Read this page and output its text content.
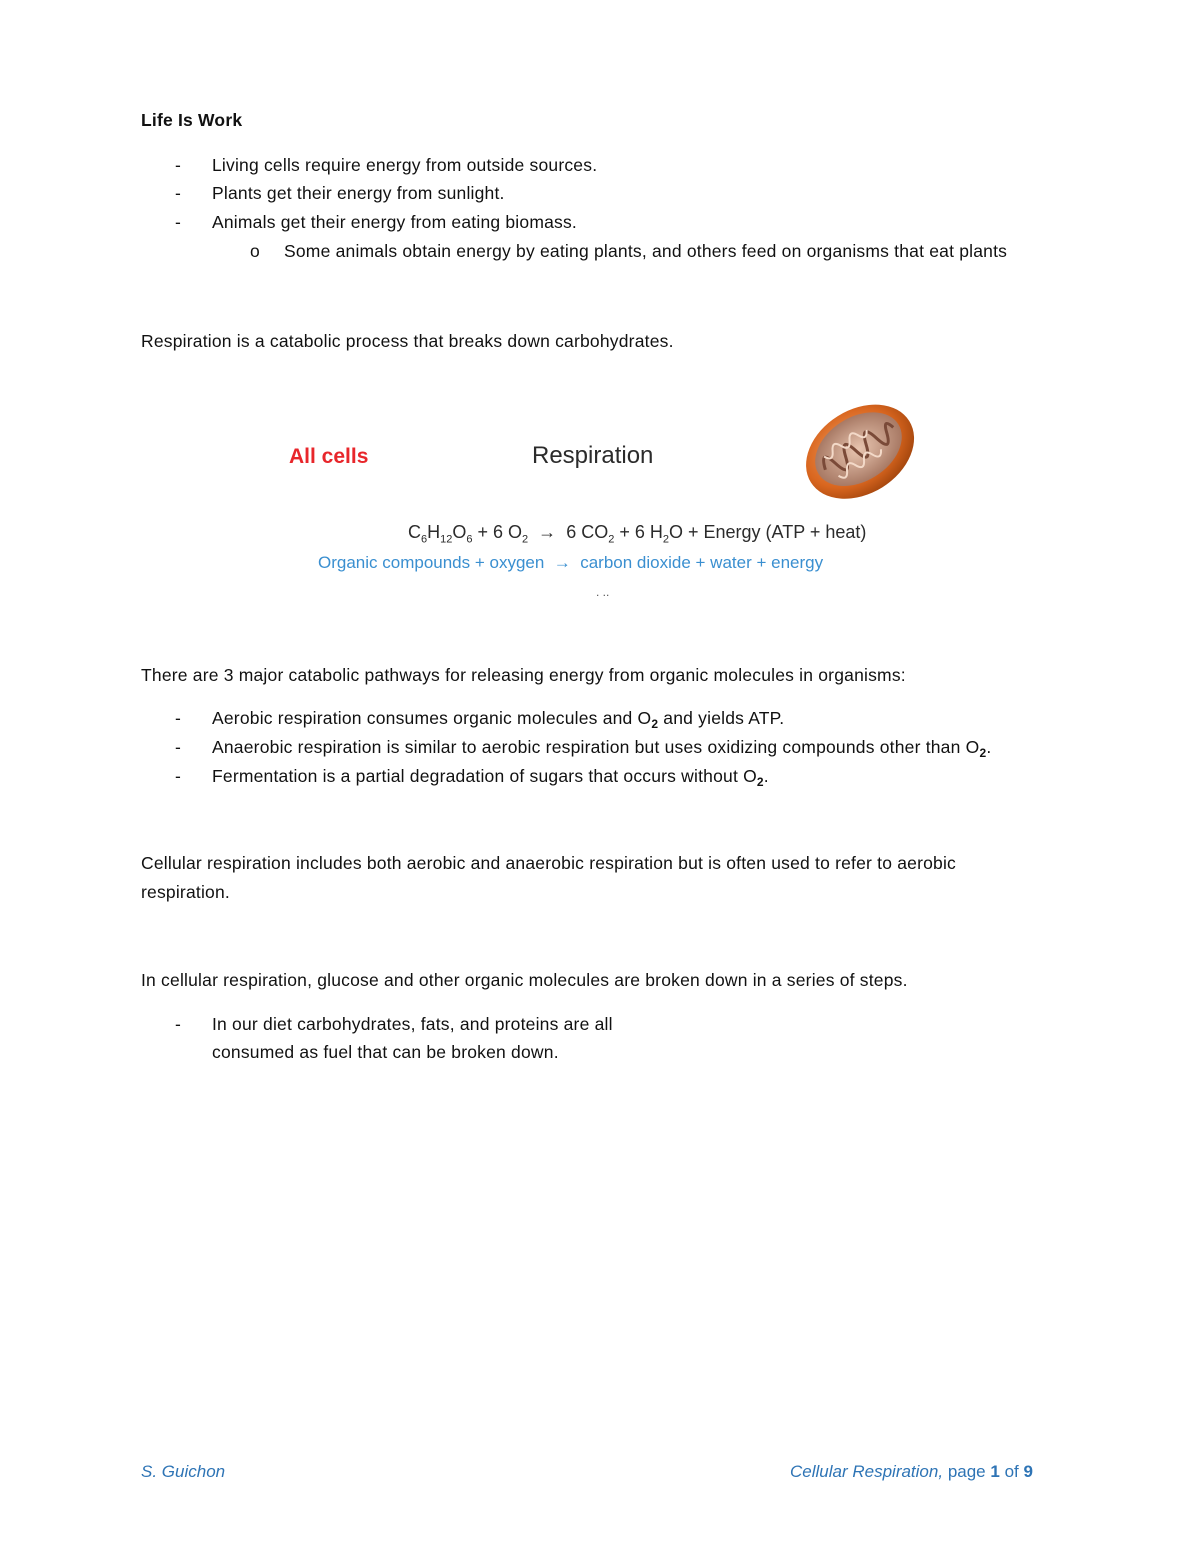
Life Is Work
- Living cells require energy from outside sources.
- Plants get their energy from sunlight.
- Animals get their energy from eating biomass.
o Some animals obtain energy by eating plants, and others feed on organisms that eat plants
Respiration is a catabolic process that breaks down carbohydrates.
All cells	Respiration
$C_6H_{12}O_6 + 6$ $O_2 \to 6$ $CO_2 + 6$ $H_2O$ + Energy (ATP + heat)
Organic compounds + oxygen  →  carbon dioxide + water + energy
. ..
There are 3 major catabolic pathways for releasing energy from organic molecules in organisms:
- Aerobic respiration consumes organic molecules and $O_2$ and yields ATP.
- Anaerobic respiration is similar to aerobic respiration but uses oxidizing compounds other than $O_2$.
- Fermentation is a partial degradation of sugars that occurs without $O_2$.
Cellular respiration includes both aerobic and anaerobic respiration but is often used to refer to aerobic
respiration.
In cellular respiration, glucose and other organic molecules are broken down in a series of steps.
- In our diet carbohydrates, fats, and proteins are all
consumed as fuel that can be broken down.
S. Guichon	Cellular Respiration, page 1 of 9
